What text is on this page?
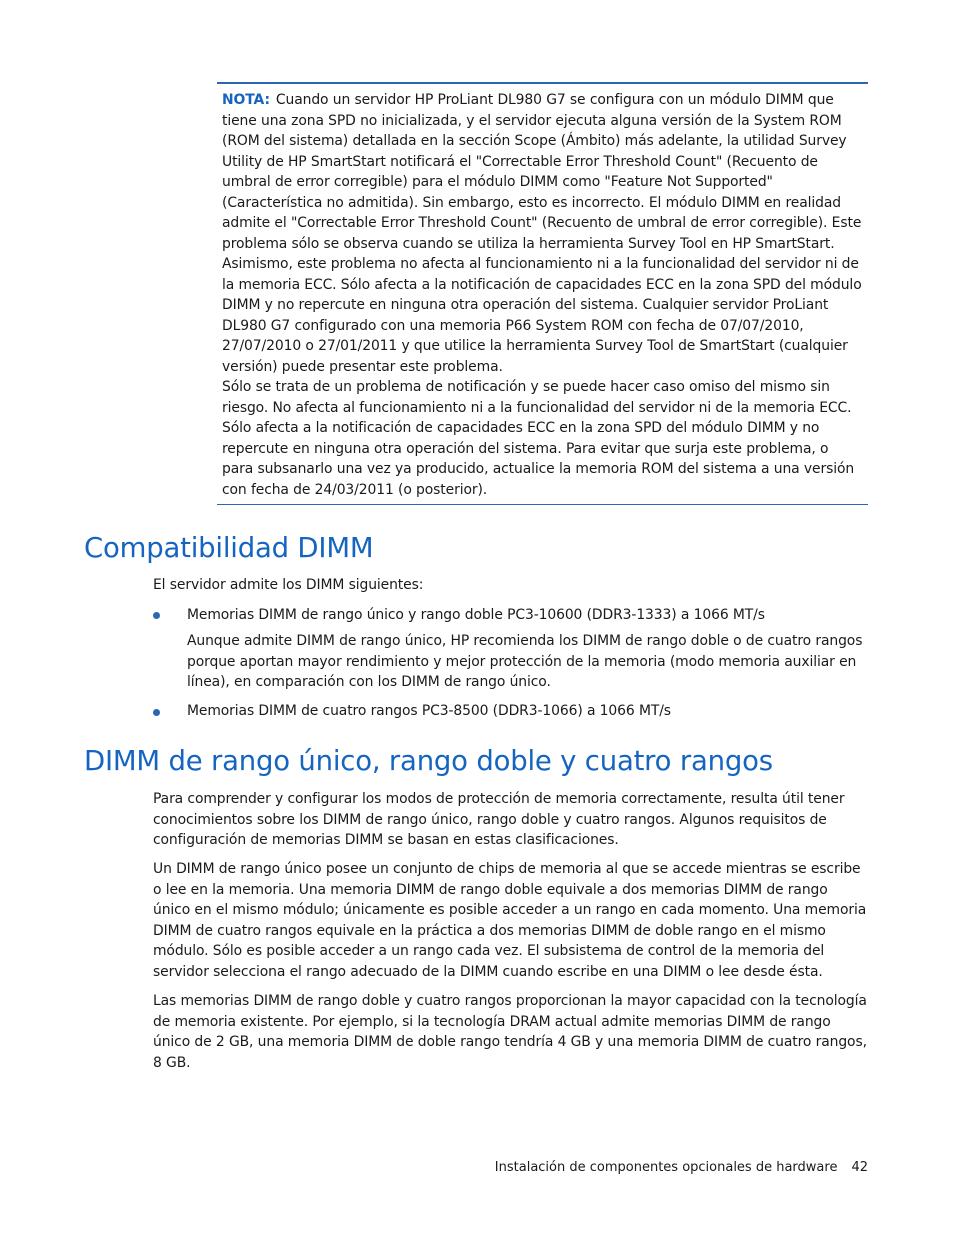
NOTA: Cuando un servidor HP ProLiant DL980 G7 se configura con un módulo DIMM que tiene una zona SPD no inicializada, y el servidor ejecuta alguna versión de la System ROM (ROM del sistema) detallada en la sección Scope (Ámbito) más adelante, la utilidad Survey Utility de HP SmartStart notificará el "Correctable Error Threshold Count" (Recuento de umbral de error corregible) para el módulo DIMM como "Feature Not Supported" (Característica no admitida). Sin embargo, esto es incorrecto. El módulo DIMM en realidad admite el "Correctable Error Threshold Count" (Recuento de umbral de error corregible). Este problema sólo se observa cuando se utiliza la herramienta Survey Tool en HP SmartStart. Asimismo, este problema no afecta al funcionamiento ni a la funcionalidad del servidor ni de la memoria ECC. Sólo afecta a la notificación de capacidades ECC en la zona SPD del módulo DIMM y no repercute en ninguna otra operación del sistema. Cualquier servidor ProLiant DL980 G7 configurado con una memoria P66 System ROM con fecha de 07/07/2010, 27/07/2010 o 27/01/2011 y que utilice la herramienta Survey Tool de SmartStart (cualquier versión) puede presentar este problema.

Sólo se trata de un problema de notificación y se puede hacer caso omiso del mismo sin riesgo. No afecta al funcionamiento ni a la funcionalidad del servidor ni de la memoria ECC. Sólo afecta a la notificación de capacidades ECC en la zona SPD del módulo DIMM y no repercute en ninguna otra operación del sistema. Para evitar que surja este problema, o para subsanarlo una vez ya producido, actualice la memoria ROM del sistema a una versión con fecha de 24/03/2011 (o posterior).

Compatibilidad DIMM

El servidor admite los DIMM siguientes:

Memorias DIMM de rango único y rango doble PC3-10600 (DDR3-1333) a 1066 MT/s

Aunque admite DIMM de rango único, HP recomienda los DIMM de rango doble o de cuatro rangos porque aportan mayor rendimiento y mejor protección de la memoria (modo memoria auxiliar en línea), en comparación con los DIMM de rango único.

Memorias DIMM de cuatro rangos PC3-8500 (DDR3-1066) a 1066 MT/s

DIMM de rango único, rango doble y cuatro rangos

Para comprender y configurar los modos de protección de memoria correctamente, resulta útil tener conocimientos sobre los DIMM de rango único, rango doble y cuatro rangos. Algunos requisitos de configuración de memorias DIMM se basan en estas clasificaciones.

Un DIMM de rango único posee un conjunto de chips de memoria al que se accede mientras se escribe o lee en la memoria. Una memoria DIMM de rango doble equivale a dos memorias DIMM de rango único en el mismo módulo; únicamente es posible acceder a un rango en cada momento. Una memoria DIMM de cuatro rangos equivale en la práctica a dos memorias DIMM de doble rango en el mismo módulo. Sólo es posible acceder a un rango cada vez. El subsistema de control de la memoria del servidor selecciona el rango adecuado de la DIMM cuando escribe en una DIMM o lee desde ésta.

Las memorias DIMM de rango doble y cuatro rangos proporcionan la mayor capacidad con la tecnología de memoria existente. Por ejemplo, si la tecnología DRAM actual admite memorias DIMM de rango único de 2 GB, una memoria DIMM de doble rango tendría 4 GB y una memoria DIMM de cuatro rangos, 8 GB.

Instalación de componentes opcionales de hardware 42
